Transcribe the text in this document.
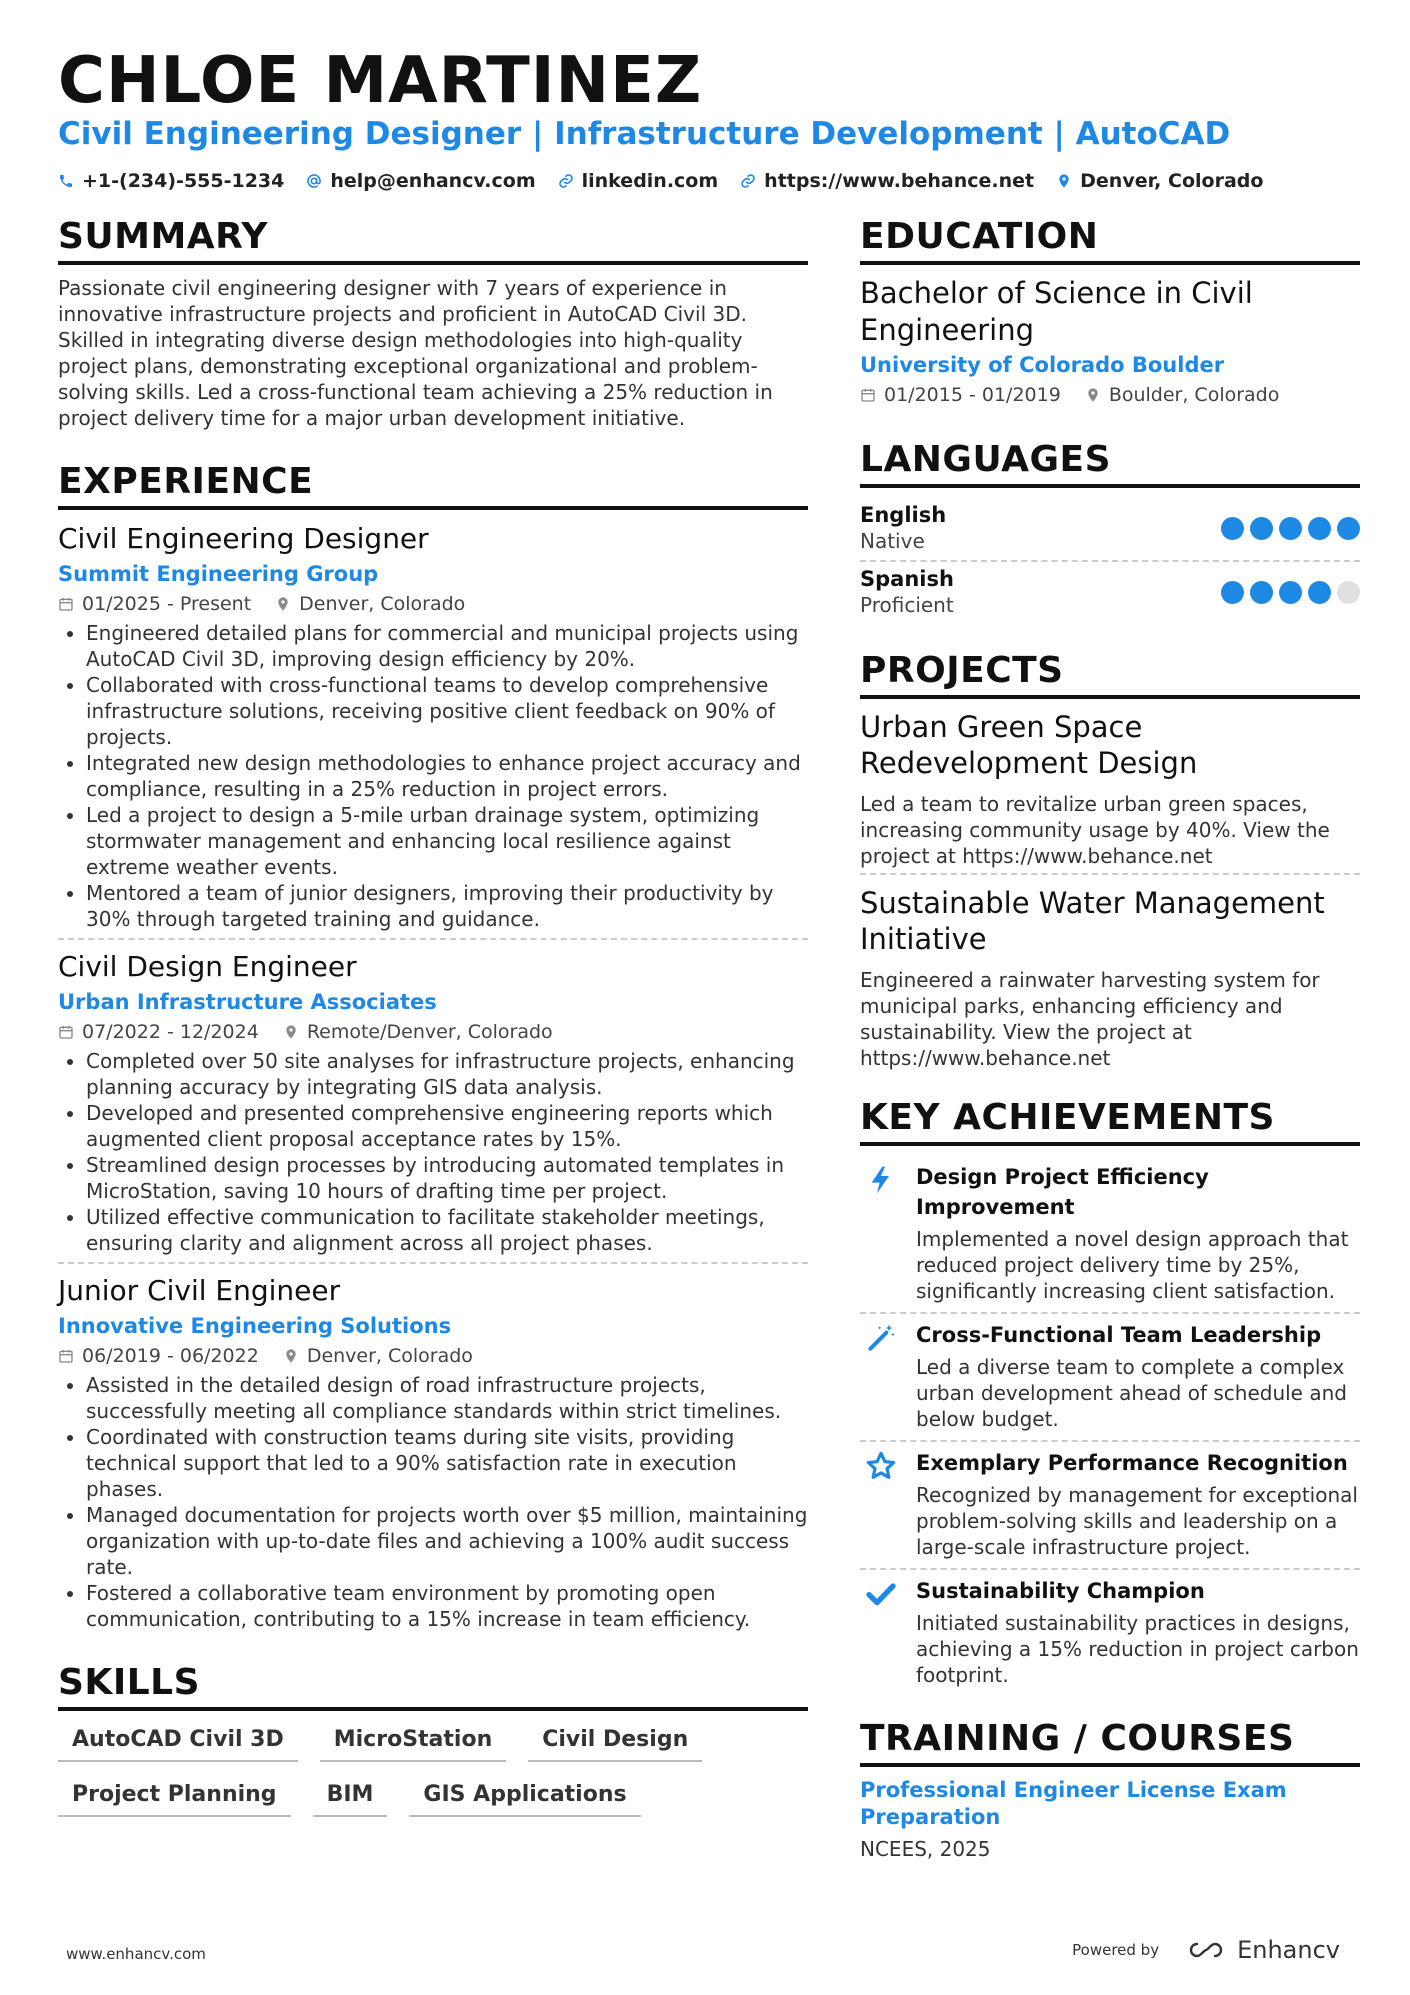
CHLOE MARTINEZ
Civil Engineering Designer | Infrastructure Development | AutoCAD
+1-(234)-555-1234 help@enhancv.com linkedin.com https://www.behance.net Denver, Colorado
SUMMARY
Passionate civil engineering designer with 7 years of experience in innovative infrastructure projects and proficient in AutoCAD Civil 3D. Skilled in integrating diverse design methodologies into high-quality project plans, demonstrating exceptional organizational and problem-solving skills. Led a cross-functional team achieving a 25% reduction in project delivery time for a major urban development initiative.
EXPERIENCE
Civil Engineering Designer
Summit Engineering Group
01/2025 - Present	Denver, Colorado
• Engineered detailed plans for commercial and municipal projects using AutoCAD Civil 3D, improving design efficiency by 20%.
• Collaborated with cross-functional teams to develop comprehensive infrastructure solutions, receiving positive client feedback on 90% of projects.
• Integrated new design methodologies to enhance project accuracy and compliance, resulting in a 25% reduction in project errors.
• Led a project to design a 5-mile urban drainage system, optimizing stormwater management and enhancing local resilience against extreme weather events.
• Mentored a team of junior designers, improving their productivity by 30% through targeted training and guidance.
Civil Design Engineer
Urban Infrastructure Associates
07/2022 - 12/2024	Remote/Denver, Colorado
• Completed over 50 site analyses for infrastructure projects, enhancing planning accuracy by integrating GIS data analysis.
• Developed and presented comprehensive engineering reports which augmented client proposal acceptance rates by 15%.
• Streamlined design processes by introducing automated templates in MicroStation, saving 10 hours of drafting time per project.
• Utilized effective communication to facilitate stakeholder meetings, ensuring clarity and alignment across all project phases.
Junior Civil Engineer
Innovative Engineering Solutions
06/2019 - 06/2022	Denver, Colorado
• Assisted in the detailed design of road infrastructure projects, successfully meeting all compliance standards within strict timelines.
• Coordinated with construction teams during site visits, providing technical support that led to a 90% satisfaction rate in execution phases.
• Managed documentation for projects worth over $5 million, maintaining organization with up-to-date files and achieving a 100% audit success rate.
• Fostered a collaborative team environment by promoting open communication, contributing to a 15% increase in team efficiency.
SKILLS
AutoCAD Civil 3D	MicroStation	Civil Design
Project Planning	BIM	GIS Applications
EDUCATION
Bachelor of Science in Civil Engineering
University of Colorado Boulder
01/2015 - 01/2019	Boulder, Colorado
LANGUAGES
English
Native
Spanish
Proficient
PROJECTS
Urban Green Space Redevelopment Design
Led a team to revitalize urban green spaces, increasing community usage by 40%. View the project at https://www.behance.net
Sustainable Water Management Initiative
Engineered a rainwater harvesting system for municipal parks, enhancing efficiency and sustainability. View the project at https://www.behance.net
KEY ACHIEVEMENTS
Design Project Efficiency Improvement
Implemented a novel design approach that reduced project delivery time by 25%, significantly increasing client satisfaction.
Cross-Functional Team Leadership
Led a diverse team to complete a complex urban development ahead of schedule and below budget.
Exemplary Performance Recognition
Recognized by management for exceptional problem-solving skills and leadership on a large-scale infrastructure project.
Sustainability Champion
Initiated sustainability practices in designs, achieving a 15% reduction in project carbon footprint.
TRAINING / COURSES
Professional Engineer License Exam Preparation
NCEES, 2025
www.enhancv.com	Powered by	Enhancv
